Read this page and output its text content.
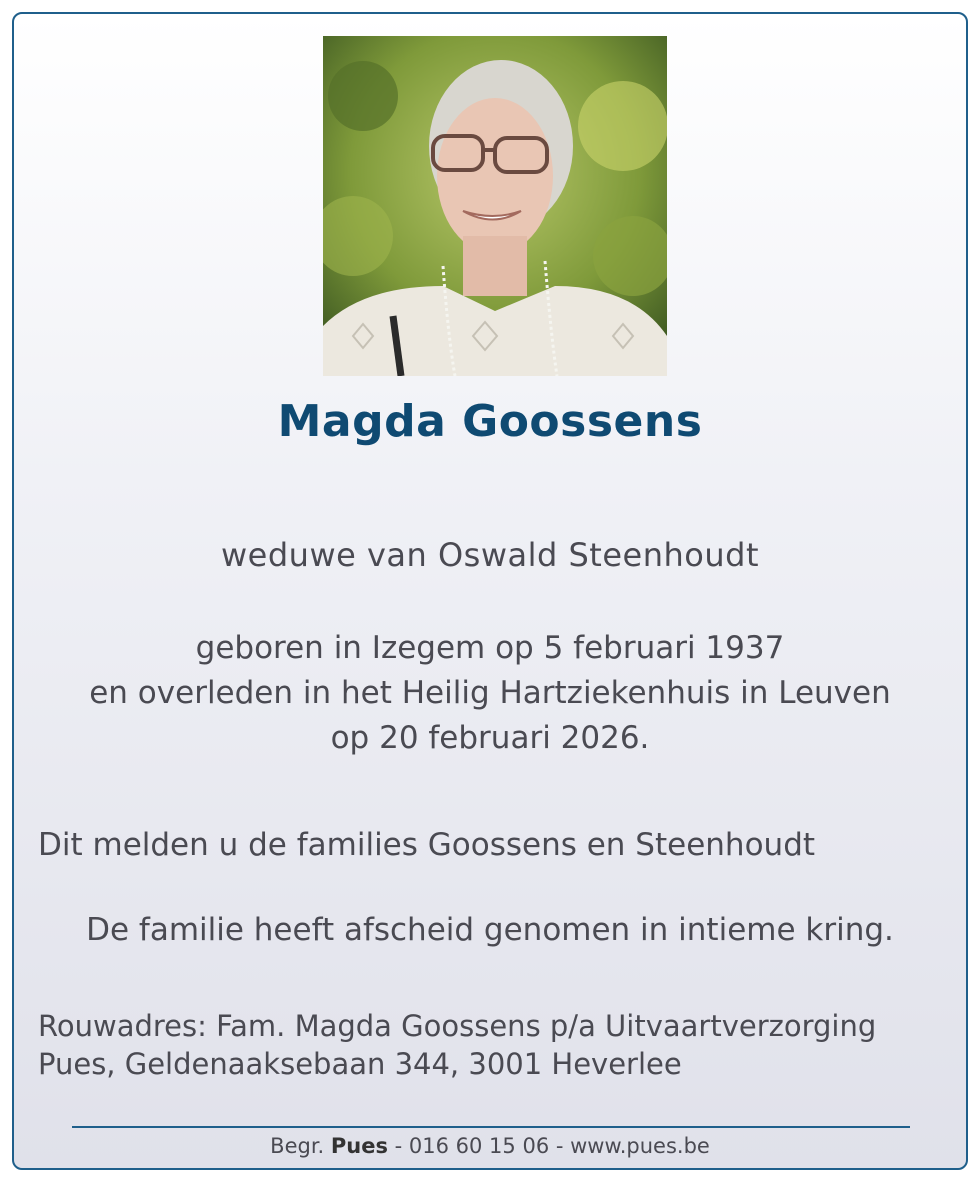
Magda Goossens
weduwe van Oswald Steenhoudt
geboren in Izegem op 5 februari 1937
en overleden in het Heilig Hartziekenhuis in Leuven
op 20 februari 2026.
Dit melden u de families Goossens en Steenhoudt
De familie heeft afscheid genomen in intieme kring.
Rouwadres: Fam. Magda Goossens p/a Uitvaartverzorging
Pues, Geldenaaksebaan 344, 3001 Heverlee
Begr. Pues - 016 60 15 06 - www.pues.be
